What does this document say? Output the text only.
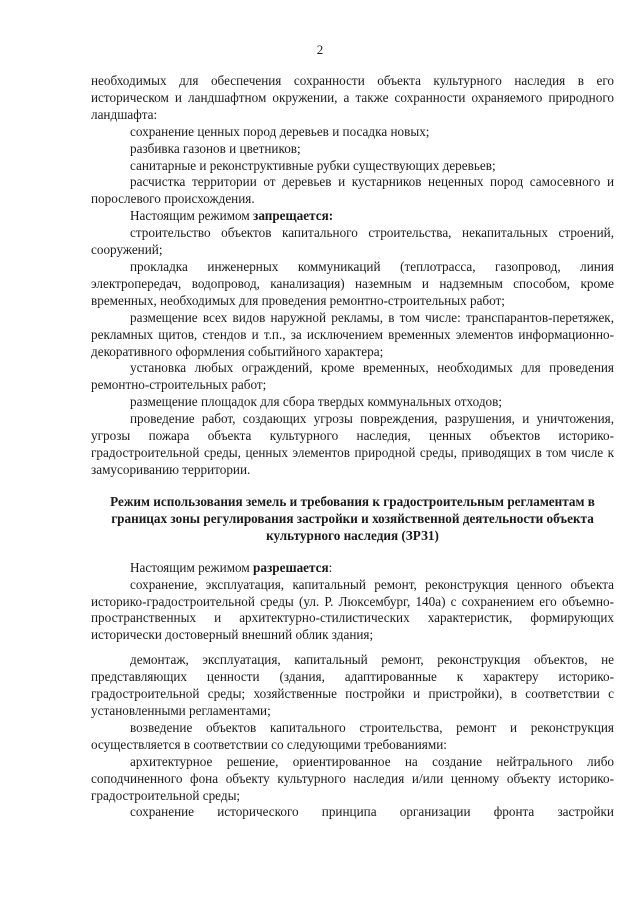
2

необходимых для обеспечения сохранности объекта культурного наследия в его историческом и ландшафтном окружении, а также сохранности охраняемого природного ландшафта:

сохранение ценных пород деревьев и посадка новых;

разбивка газонов и цветников;

санитарные и реконструктивные рубки существующих деревьев;

расчистка территории от деревьев и кустарников неценных пород самосевного и порослевого происхождения.

Настоящим режимом запрещается:

строительство объектов капитального строительства, некапитальных строений, сооружений;

прокладка инженерных коммуникаций (теплотрасса, газопровод, линия электропередач, водопровод, канализация) наземным и надземным способом, кроме временных, необходимых для проведения ремонтно-строительных работ;

размещение всех видов наружной рекламы, в том числе: транспарантов-перетяжек, рекламных щитов, стендов и т.п., за исключением временных элементов информационно-декоративного оформления событийного характера;

установка любых ограждений, кроме временных, необходимых для проведения ремонтно-строительных работ;

размещение площадок для сбора твердых коммунальных отходов;

проведение работ, создающих угрозы повреждения, разрушения, и уничтожения, угрозы пожара объекта культурного наследия, ценных объектов историко-градостроительной среды, ценных элементов природной среды, приводящих в том числе к замусориванию территории.

Режим использования земель и требования к градостроительным регламентам в границах зоны регулирования застройки и хозяйственной деятельности объекта культурного наследия (ЗРЗ1)

Настоящим режимом разрешается:

сохранение, эксплуатация, капитальный ремонт, реконструкция ценного объекта историко-градостроительной среды (ул. Р. Люксембург, 140а) с сохранением его объемно-пространственных и архитектурно-стилистических характеристик, формирующих исторически достоверный внешний облик здания;

демонтаж, эксплуатация, капитальный ремонт, реконструкция объектов, не представляющих ценности (здания, адаптированные к характеру историко-градостроительной среды; хозяйственные постройки и пристройки), в соответствии с установленными регламентами;

возведение объектов капитального строительства, ремонт и реконструкция осуществляется в соответствии со следующими требованиями:

архитектурное решение, ориентированное на создание нейтрального либо соподчиненного фона объекту культурного наследия и/или ценному объекту историко-градостроительной среды;

сохранение исторического принципа организации фронта застройки
